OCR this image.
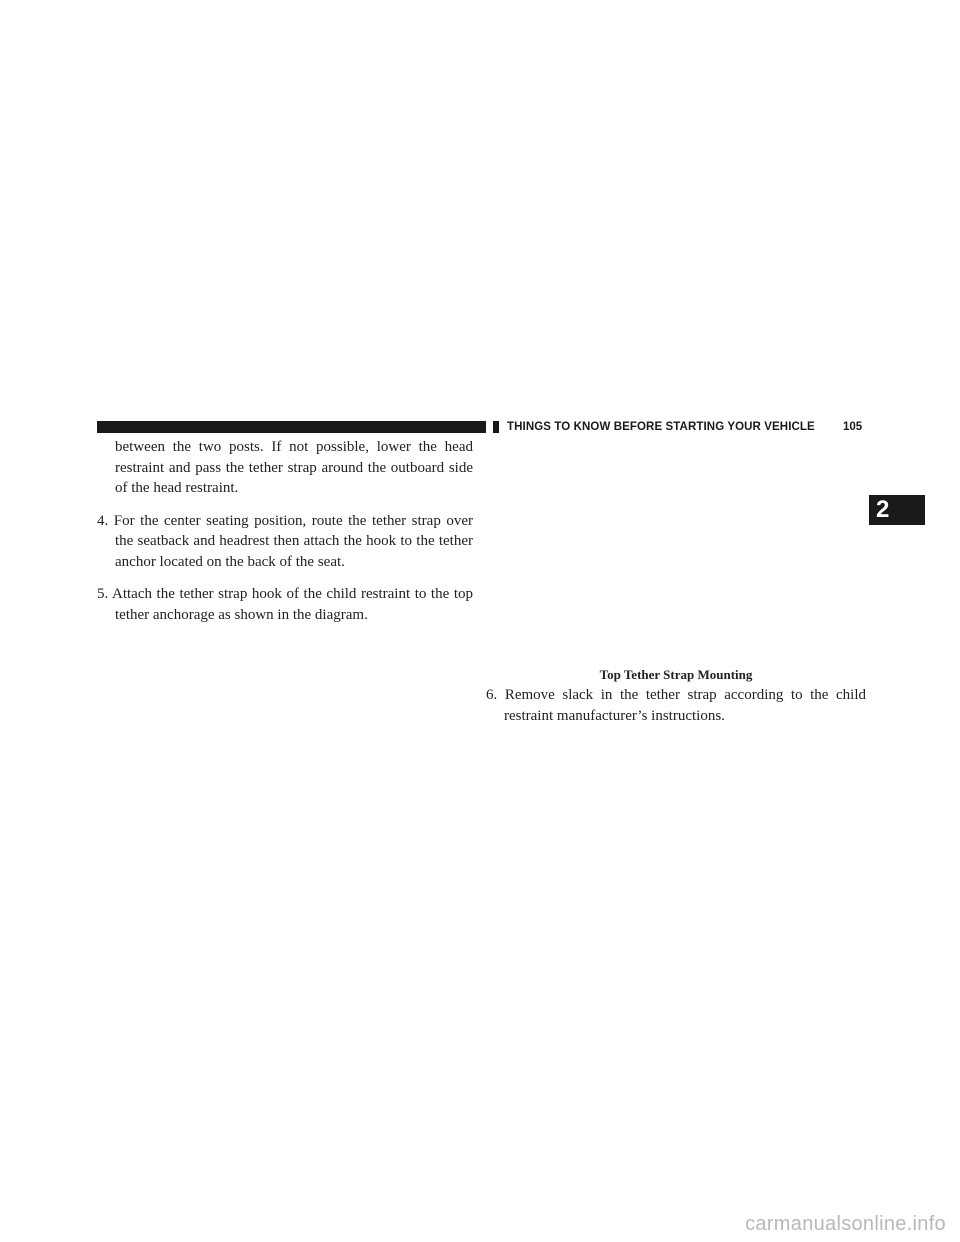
THINGS TO KNOW BEFORE STARTING YOUR VEHICLE 105
2

between the two posts. If not possible, lower the head restraint and pass the tether strap around the outboard side of the head restraint.

4. For the center seating position, route the tether strap over the seatback and headrest then attach the hook to the tether anchor located on the back of the seat.

5. Attach the tether strap hook of the child restraint to the top tether anchorage as shown in the diagram.

Top Tether Strap Mounting

6. Remove slack in the tether strap according to the child restraint manufacturer’s instructions.

carmanualsonline.info
